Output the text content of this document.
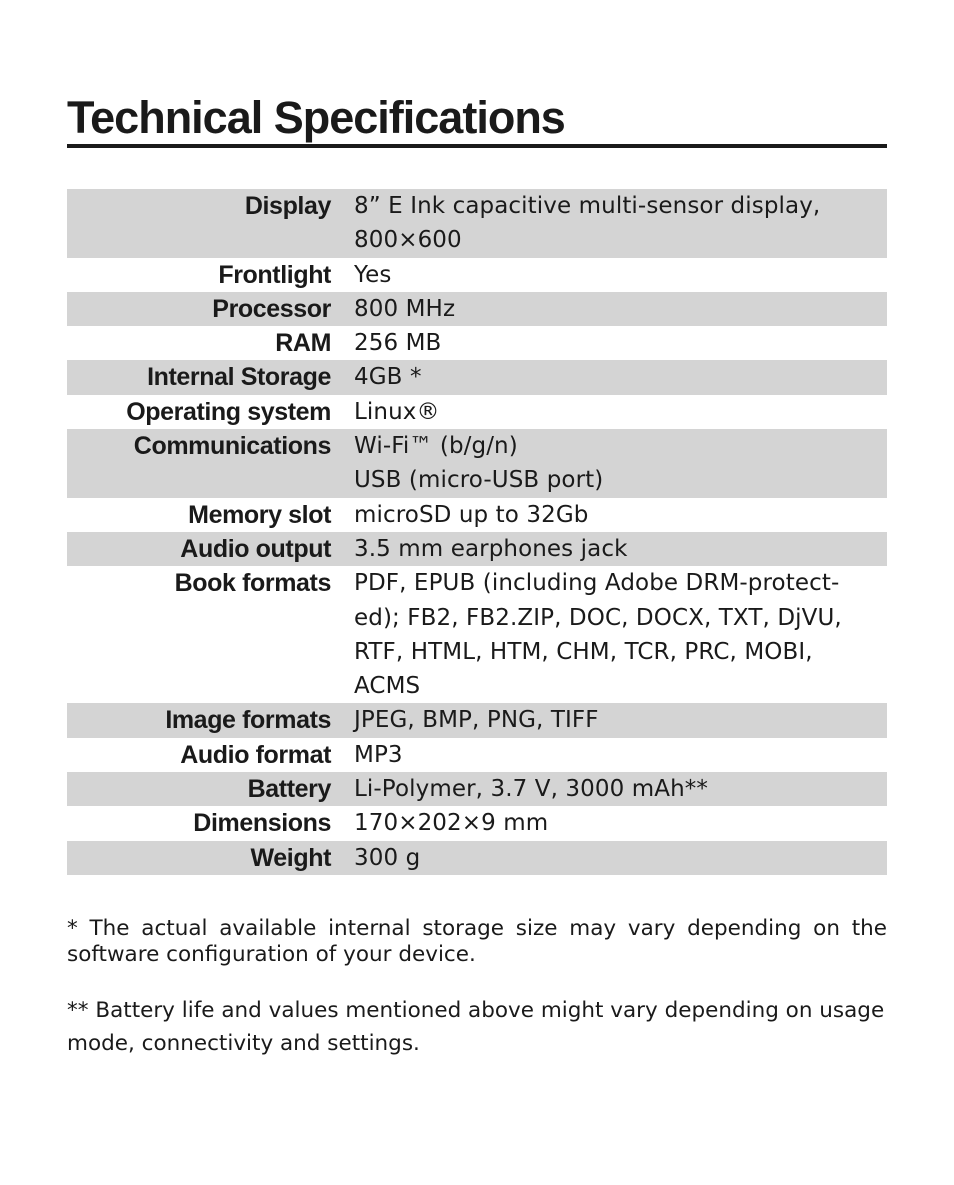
Technical Specifications
Display	8” E Ink capacitive multi-sensor display,
800×600

Frontlight	Yes

Processor	800 MHz

RAM	256 MB

Internal Storage	4GB *

Operating system	Linux®

Communications	Wi-Fi™ (b/g/n)
USB (micro-USB port)

Memory slot	microSD up to 32Gb

Audio output	3.5 mm earphones jack

Book formats	PDF, EPUB (including Adobe DRM-protect-
ed); FB2, FB2.ZIP, DOC, DOCX, TXT, DjVU,
RTF, HTML, HTM, CHM, TCR, PRC, MOBI,
ACMS

Image formats	JPEG, BMP, PNG, TIFF

Audio format	MP3

Battery	Li-Polymer, 3.7 V, 3000 mAh**

Dimensions	170×202×9 mm

Weight	300 g

* The actual available internal storage size may vary depending on the software configuration of your device.

** Battery life and values mentioned above might vary depending on usage mode, connectivity and settings.
